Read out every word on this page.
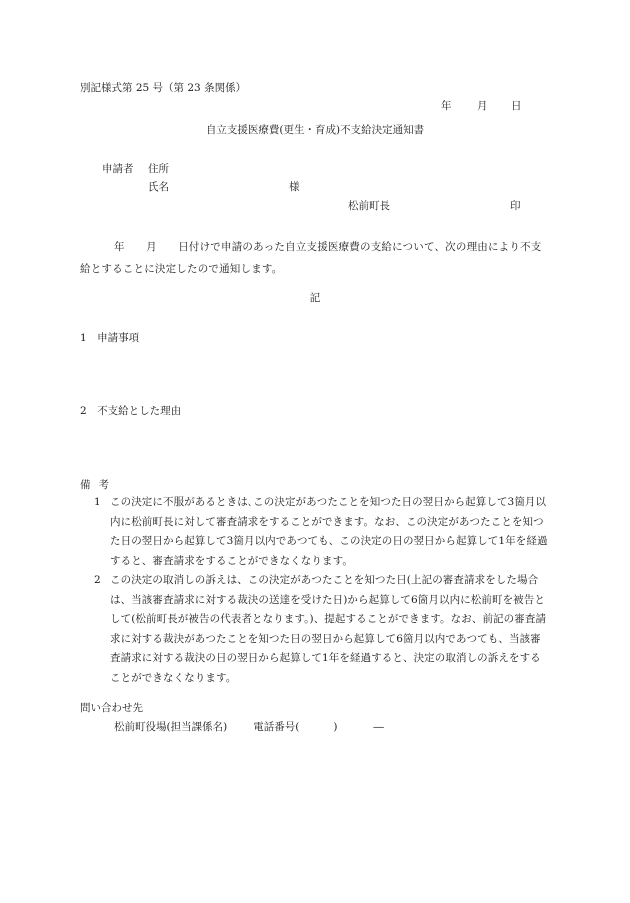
別記様式第 25 号（第 23 条関係）
年 月 日
自立支援医療費(更生・育成)不支給決定通知書
申請者 住所
氏名	様
松前町長	印
年　　月　　日付けで申請のあった自立支援医療費の支給について、次の理由により不支給とすることに決定したので通知します。
記
1　申請事項
2　不支給とした理由
備考
1 この決定に不服があるときは､この決定があつたことを知つた日の翌日から起算して3箇月以内に松前町長に対して審査請求をすることができます。なお、この決定があつたことを知つた日の翌日から起算して3箇月以内であつても、この決定の日の翌日から起算して1年を経過すると、審査請求をすることができなくなります。
2 この決定の取消しの訴えは、この決定があつたことを知つた日(上記の審査請求をした場合は、当該審査請求に対する裁決の送達を受けた日)から起算して6箇月以内に松前町を被告として(松前町長が被告の代表者となります。)、提起することができます。なお、前記の審査請求に対する裁決があつたことを知つた日の翌日から起算して6箇月以内であつても、当該審査請求に対する裁決の日の翌日から起算して1年を経過すると、決定の取消しの訴えをすることができなくなります。
問い合わせ先
松前町役場(担当課係名) 電話番号(	)	―
